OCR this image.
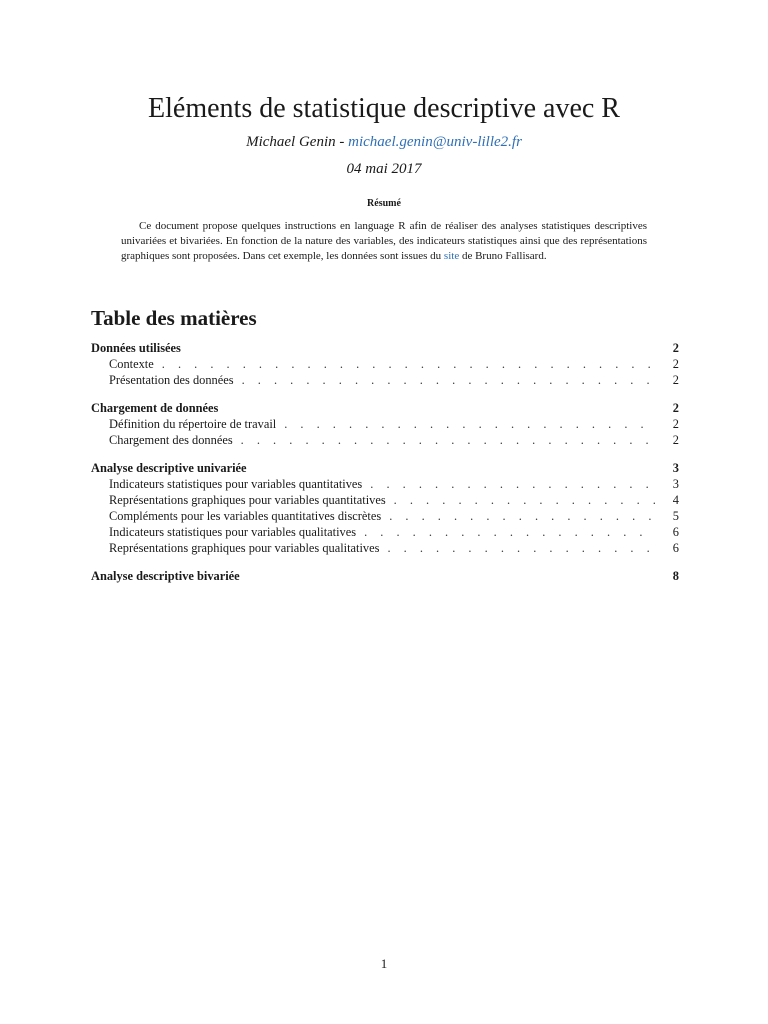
Eléments de statistique descriptive avec R
Michael Genin - michael.genin@univ-lille2.fr
04 mai 2017
Résumé
Ce document propose quelques instructions en language R afin de réaliser des analyses statistiques descriptives univariées et bivariées. En fonction de la nature des variables, des indicateurs statistiques ainsi que des représentations graphiques sont proposées. Dans cet exemple, les données sont issues du site de Bruno Fallisard.
Table des matières
Données utilisées	2
Contexte . . .	2
Présentation des données . . .	2
Chargement de données	2
Définition du répertoire de travail . . .	2
Chargement des données . . .	2
Analyse descriptive univariée	3
Indicateurs statistiques pour variables quantitatives . . .	3
Représentations graphiques pour variables quantitatives . . .	4
Compléments pour les variables quantitatives discrètes . . .	5
Indicateurs statistiques pour variables qualitatives . . .	6
Représentations graphiques pour variables qualitatives . . .	6
Analyse descriptive bivariée	8
1
